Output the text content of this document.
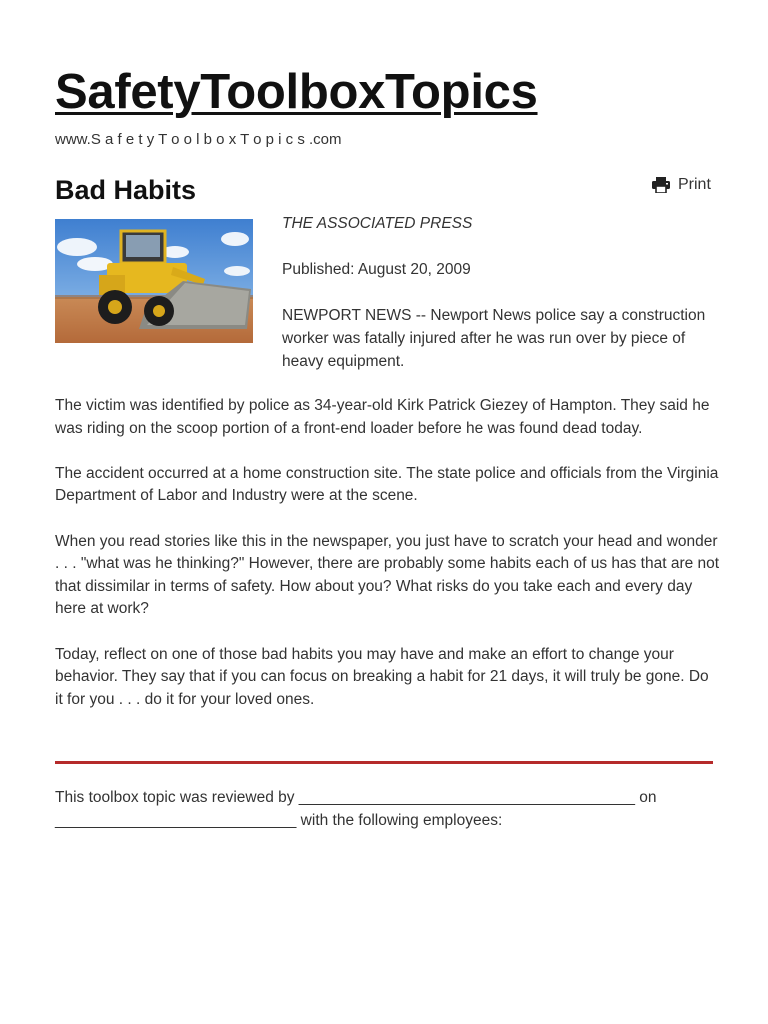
SafetyToolboxTopics

www.S a f e t y T o o l b o x T o p i c s .com

Bad Habits	Print

THE ASSOCIATED PRESS

Published: August 20, 2009

NEWPORT NEWS -- Newport News police say a construction worker was fatally injured after he was run over by piece of heavy equipment.

The victim was identified by police as 34-year-old Kirk Patrick Giezey of Hampton. They said he was riding on the scoop portion of a front-end loader before he was found dead today.

The accident occurred at a home construction site. The state police and officials from the Virginia Department of Labor and Industry were at the scene.

When you read stories like this in the newspaper, you just have to scratch your head and wonder . . . "what was he thinking?" However, there are probably some habits each of us has that are not that dissimilar in terms of safety. How about you? What risks do you take each and every day here at work?

Today, reflect on one of those bad habits you may have and make an effort to change your behavior. They say that if you can focus on breaking a habit for 21 days, it will truly be gone. Do it for you . . . do it for your loved ones.

This toolbox topic was reviewed by _______________________________________ on ____________________________ with the following employees:
